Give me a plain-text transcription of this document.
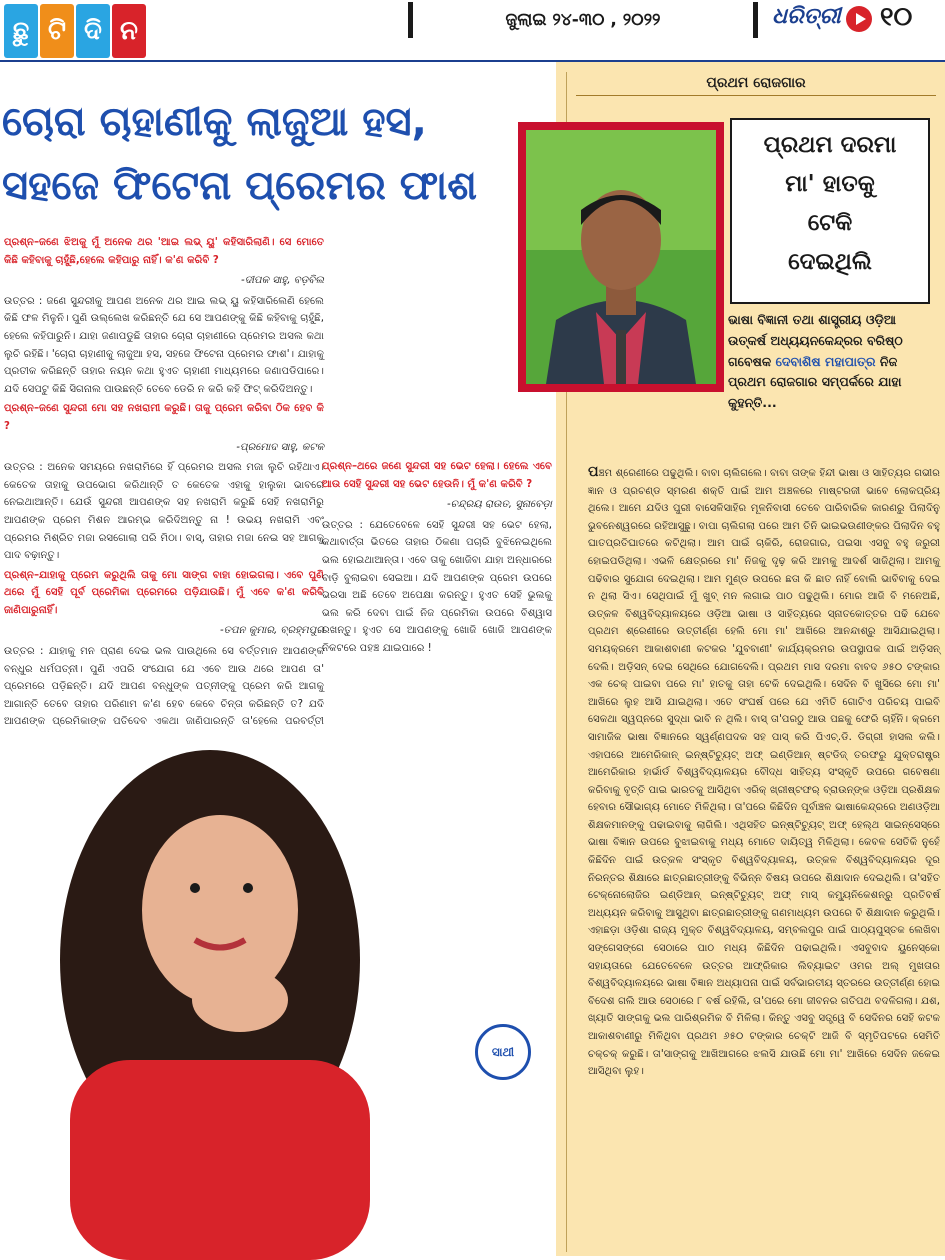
ଛୁ ଟି ଦି ନ	ଜୁଲାଇ ୨୪-୩୦ , ୨୦୨୨	ଧରିତ୍ରୀ ୧୦
ଚୋରା ଚାହାଣୀକୁ ଲାଜୁଆ ହସ,
ସହଜେ ଫିଟେନା ପ୍ରେମର ଫାଶ

ପ୍ରଶ୍ନ–ଜଣେ ଝିଅକୁ ମୁଁ ଅନେକ ଥର 'ଆଇ ଲଭ୍ ୟୁ' କହିସାରିଲାଣି। ସେ ମୋତେ କିଛି କହିବାକୁ ଚାହୁଁଛି,ହେଲେ କହିପାରୁ ନାହିଁ। କ'ଣ କରିବି ?

-ଦୀପକ ସାହୁ, ବଡ଼ବିଲ

ଉତ୍ତର : ଜଣେ ସୁନ୍ଦରୀକୁ ଆପଣ ଅନେକ ଥର ଆଇ ଲଭ୍ ୟୁ କହିସାରିଲେଣି ହେଲେ କିଛି ଫଳ ମିଳୁନି। ପୁଣି ଉଲ୍ଲେଖ କରିଛନ୍ତି ଯେ ସେ ଆପଣଙ୍କୁ କିଛି କହିବାକୁ ଚାହୁଁଛି, ହେଲେ କହିପାରୁନି। ଯାହା ଜଣାପଡୁଛି ତାହାର ଚୋରା ଚାହାଣୀରେ ପ୍ରେମର ଅସଲ କଥା ଲୁଚି ରହିଛି। 'ଚୋରା ଚାହାଣୀକୁ ଲାଜୁଆ ହସ, ସହଜେ ଫିଟେନା ପ୍ରେମର ଫାଶ'। ଯାହାକୁ ପ୍ରତୀକ କରିଛନ୍ତି ତାହାର ନୟନ କଥା ହୁଏତ ଚାହାଣୀ ମାଧ୍ୟମରେ ଜଣାପଡିପାରେ। ଯଦି ସେପଟୁ କିଛି ସିଗନାଲ ପାଉଛନ୍ତି ତେବେ ଡେରି ନ କରି କହି ଫିଟ୍ କରିଦିଅନ୍ତୁ।

ପ୍ରଶ୍ନ–ଜଣେ ସୁନ୍ଦରୀ ମୋ ସହ ନଖରାମୀ କରୁଛି। ତାକୁ ପ୍ରେମ କରିବା ଠିକ ହେବ କି ?

-ପ୍ରମୋଦ ସାହୁ, କଟକ

ଉତ୍ତର : ଅନେକ ସମୟରେ ନଖରାମିରେ ହିଁ ପ୍ରେମର ଅସଲ ମଜା ଲୁଚି ରହିଥାଏ। କେତେକ ତାହାକୁ ଉପଭୋଗ କରିଥାନ୍ତି ତ କେତେକ ଏହାକୁ ହାଲୁକା ଭାବରେ ନେଇଥାଆନ୍ତି। ଯେଉଁ ସୁନ୍ଦରୀ ଆପଣଙ୍କ ସହ ନଖରାମି କରୁଛି ସେହି ନଖରାମିରୁ ଆପଣଙ୍କ ପ୍ରେମ ମିଶନ ଆରମ୍ଭ କରିଦିଅନ୍ତୁ ନା ! ଉଭୟ ନଖରାମି ଏବଂ ପ୍ରେମର ମିଶ୍ରିତ ମଜା ରସଗୋଲା ପରି ମିଠା। ବାସ୍, ତାହାର ମଜା ନେଇ ସହ ଆଗକୁ ପାଦ ବଢ଼ାନ୍ତୁ।

ପ୍ରଶ୍ନ–ଯାହାକୁ ପ୍ରେମ କରୁଥିଲି ତାକୁ ମୋ ସାଙ୍ଗ ବାହା ହୋଇଗଲା। ଏବେ ପୁଣି ଥରେ ମୁଁ ସେହି ପୂର୍ବ ପ୍ରେମିକା ପ୍ରେମରେ ପଡ଼ିଯାଉଛି। ମୁଁ ଏବେ କ'ଣ କରିବି ଜାଣିପାରୁନାହିଁ।

-ତପନ କୁମାର, ବ୍ରହ୍ମପୁର

ଉତ୍ତର : ଯାହାକୁ ମନ ପ୍ରାଣ ଦେଇ ଭଲ ପାଉଥିଲେ ସେ ବର୍ତ୍ତମାନ ଆପଣଙ୍କ ବନ୍ଧୁର ଧର୍ମପତ୍ନୀ। ପୁଣି ଏପରି ସଂଯୋଗ ଯେ ଏବେ ଆଉ ଥରେ ଆପଣ ତା' ପ୍ରେମରେ ପଡ଼ିଛନ୍ତି। ଯଦି ଆପଣ ବନ୍ଧୁଙ୍କ ପତ୍ନୀଙ୍କୁ ପ୍ରେମ କରି ଆଗକୁ ଆଗାନ୍ତି ତେବେ ତାହାର ପରିଣାମ କ'ଣ ହେବ କେବେ ଚିନ୍ତା କରିଛନ୍ତି ତ? ଯଦି ଆପଣଙ୍କ ପ୍ରେମିକାଙ୍କ ପତିଦେବ ଏକଥା ଜାଣିପାରନ୍ତି ତା'ହେଲେ ପରବର୍ତ୍ତୀ

ପ୍ରଶ୍ନ–ଥରେ ଜଣେ ସୁନ୍ଦରୀ ସହ ଭେଟ ହେଲା। ହେଲେ ଏବେ ଆଉ ସେହି ସୁନ୍ଦରୀ ସହ ଭେଟ ହେଉନି। ମୁଁ କ'ଣ କରିବି ?

-ଚନ୍ଦ୍ରୟ ରାଉତ, ସୁନାବେଡ଼ା

ଉତ୍ତର : ଯେତେବେଳେ ସେହି ସୁନ୍ଦରୀ ସହ ଭେଟ ହେଲା, କଥାବାର୍ତ୍ତା ଭିତରେ ତାହାର ଠିକଣା ପଚାରି ବୁଝିନେଇଥିଲେ ଭଲ ହୋଇଥାଆନ୍ତା। ଏବେ ତାକୁ ଖୋଜିବା ଯାହା ଅନ୍ଧାରରେ ବାଡ଼ି ବୁଲାଇବା ସେଇଆ। ଯଦି ଆପଣଙ୍କ ପ୍ରେମ ଉପରେ ଭରସା ଅଛି ତେବେ ଅପେକ୍ଷା କରନ୍ତୁ। ହୁଏତ ସେହି ଭୁଲକୁ ଭଲ କରି ଦେବା ପାଇଁ ନିଜ ପ୍ରେମିକା ଉପରେ ବିଶ୍ୱାସ ରଖନ୍ତୁ। ହୁଏତ ସେ ଆପଣଙ୍କୁ ଖୋଜି ଖୋଜି ଆପଣଙ୍କ ନିକଟରେ ପହଞ୍ଚ ଯାଇପାରେ !

ସାଥୀ
ପ୍ରଥମ ରୋଜଗାର
ପ୍ରଥମ ଦରମା
ମା' ହାତକୁ
ଟେକି
ଦେଇଥିଲି
ଭାଷା ବିଜ୍ଞାନୀ ତଥା ଶାସ୍ତ୍ରୀୟ ଓଡ଼ିଆ ଉତ୍କର୍ଷ ଅଧ୍ୟୟନକେନ୍ଦ୍ରର ବରିଷ୍ଠ ଗବେଷକ ଦେବାଶିଷ ମହାପାତ୍ର ନିଜ ପ୍ରଥମ ରୋଜଗାର ସମ୍ପର୍କରେ ଯାହା କୁହନ୍ତି...
ପଞ୍ଚମ ଶ୍ରେଣୀରେ ପଢୁଥିଲି। ବାବା ଚାଲିଗଲେ। ବାବା ତାଙ୍କ ହିନ୍ଦୀ ଭାଷା ଓ ସାହିତ୍ୟର ଗଭୀର ଜ୍ଞାନ ଓ ପ୍ରଚଣ୍ଡ ସ୍ମରଣ ଶକ୍ତି ପାଇଁ ଆମ ଅଞ୍ଚଳରେ ମାଷ୍ଟରଜୀ ଭାବେ ଲୋକପ୍ରିୟ ଥିଲେ। ଆମେ ଯଦିଓ ପୁରୀ ବାସେଳିସାହିର ମୂଳନିବାସୀ ତେବେ ପାରିବାରିକ କାରଣରୁ ପିଲାଦିନୁ ଭୁବନେଶ୍ୱରରେ ରହିଆସୁଛୁ। ବାପା ଚାଲିଗଲା ପରେ ଆମ ତିନି ଭାଇଭଉଣୀଙ୍କର ପିଲାଦିନ ବହୁ ଘାତପ୍ରତିଘାତରେ କଟିଥିଲା। ଆମ ପାଇଁ ଚାକିରି, ରୋଜଗାର, ପଇସା ଏସବୁ ବହୁ ଜରୁରୀ ହୋଇପଡିଥିଲା। ଏଭଳି କ୍ଷେତ୍ରରେ ମା' ନିଜକୁ ଦୃଢ଼ କରି ଆମକୁ ଆଦର୍ଶ ସାଜିଥିଲା। ଆମକୁ ପଢିବାର ସୁଯୋଗ ଦେଇଥିଲା। ଆମ ମୁଣ୍ଡ ଉପରେ ଛତା କି ଛାତ ନାହିଁ ବୋଲି ଭାବିବାକୁ ଦେଇ ନ ଥିଲା ସିଏ। ସେଥିପାଇଁ ମୁଁ ଖୁବ୍ ମନ ଲଗାଇ ପାଠ ପଢୁଥିଲି। ମୋର ଆଜି ବି ମନେଅଛି, ଉତ୍କଳ ବିଶ୍ୱବିଦ୍ୟାଳୟରେ ଓଡ଼ିଆ ଭାଷା ଓ ସାହିତ୍ୟରେ ସ୍ନାତକୋତ୍ତର ପଢି ଯେବେ ପ୍ରଥମ ଶ୍ରେଣୀରେ ଉତ୍ତୀର୍ଣ୍ଣ ହେଲି ମୋ ମା' ଆଖିରେ ଆନନ୍ଦାଶ୍ରୁ ଆସିଯାଇଥିଲା। ସମୟକ୍ରମେ ଆକାଶବାଣୀ କଟକର 'ଯୁବବାଣୀ' କାର୍ଯ୍ୟକ୍ରମର ଉପସ୍ଥାପକ ପାଇଁ ଅଡ଼ିସନ୍ ଦେଲି। ଅଡ଼ିସନ୍ ଦେଇ ସେଥିରେ ଯୋଗଦେଲି। ପ୍ରଥମ ମାସ ଦରମା ବାବଦ ୬୫୦ ଟଙ୍କାର ଏକ ଚେକ୍ ପାଇବା ପରେ ମା' ହାତକୁ ତାହା ଟେକି ଦେଇଥିଲି। ସେଦିନ ବି ଖୁସିରେ ମୋ ମା' ଆଖିରେ ଲୁହ ଆସି ଯାଇଥିଲା। ଏତେ ସଂଘର୍ଷ ପରେ ଯେ ଏମିତି ଗୋଟିଏ ପରିଚୟ ପାଇବି ସେକଥା ସ୍ୱପ୍ନରେ ସୁଦ୍ଧା ଭାବି ନ ଥିଲି। ବାସ୍ ତା'ପରଠୁ ଆଉ ପଛକୁ ଫେରି ଚାହିଁନି। କ୍ରମେ ସାମାଜିକ ଭାଷା ବିଜ୍ଞାନରେ ସ୍ୱର୍ଣ୍ଣପଦକ ସହ ପାସ୍ କରି ପିଏଚ୍.ଡି. ଡିଗ୍ରୀ ହାସଲ କଲି। ଏହାପରେ ଆମେରିକାନ୍ ଇନ୍ଷ୍ଟିଚ୍ୟୁଟ୍ ଅଫ୍ ଇଣ୍ଡିଆନ୍ ଷ୍ଟଡିଜ୍ ତରଫରୁ ଯୁକ୍ତରାଷ୍ଟ୍ର ଆମେରିକାର ହାର୍ଭାର୍ଡ ବିଶ୍ୱବିଦ୍ୟାଳୟର ବୌଦ୍ଧ ସାହିତ୍ୟ ସଂସ୍କୃତି ଉପରେ ଗବେଷଣା କରିବାକୁ ବୃତ୍ତି ପାଇ ଭାରତକୁ ଆସିଥିବା ଏରିକ୍ ଖ୍ରୀଷ୍ଟଫର୍ ବ୍ରାଉନ୍ଙ୍କ ଓଡ଼ିଆ ପ୍ରଶିକ୍ଷକ ହେବାର ସୌଭାଗ୍ୟ ମୋତେ ମିଳିଥିଲା। ତା'ପରେ କିଛିଦିନ ପୂର୍ବାଞ୍ଚଳ ଭାଷାକେନ୍ଦ୍ରରେ ଅଣଓଡ଼ିଆ ଶିକ୍ଷକମାନଙ୍କୁ ପଢାଇବାକୁ ଲାଗିଲି। ଏଥିସହିତ ଇନ୍ଷ୍ଟିଚ୍ୟୁଟ୍ ଅଫ୍ ହେଲ୍ଥ ସାଇନ୍ସେସ୍ରେ ଭାଷା ବିଜ୍ଞାନ ଉପରେ ବୁଝାଇବାକୁ ମଧ୍ୟ ମୋତେ ଦାୟିତ୍ୱ ମିଳିଥିଲା। କେବଳ ସେତିକି ନୁହେଁ କିଛିଦିନ ପାଇଁ ଉତ୍କଳ ସଂସ୍କୃତ ବିଶ୍ୱବିଦ୍ୟାଳୟ, ଉତ୍କଳ ବିଶ୍ୱବିଦ୍ୟାଳୟର ଦୂର ନିରନ୍ତର ଶିକ୍ଷାରେ ଛାତ୍ରଛାତ୍ରୀଙ୍କୁ ବିଭିନ୍ନ ବିଷୟ ଉପରେ ଶିକ୍ଷାଦାନ ଦେଇଥିଲି। ତା'ସହିତ ଟେକ୍ନୋଲୋଜିର ଇଣ୍ଡିଆନ୍ ଇନ୍ଷ୍ଟିଚ୍ୟୁଟ୍ ଅଫ୍ ମାସ୍ କମ୍ୟୁନିକେଶନ୍ରୁ ପ୍ରତିବର୍ଷ ଅଧ୍ୟୟନ କରିବାକୁ ଆସୁଥିବା ଛାତ୍ରଛାତ୍ରୀଙ୍କୁ ଗଣମାଧ୍ୟମ ଉପରେ ବି ଶିକ୍ଷାଦାନ କରୁଥିଲି। ଏହାଛଡ଼ା ଓଡ଼ିଶା ରାଜ୍ୟ ମୁକ୍ତ ବିଶ୍ୱବିଦ୍ୟାଳୟ, ସମ୍ବଲପୁର ପାଇଁ ପାଠ୍ୟପୁସ୍ତକ ଲେଖିବା ସଙ୍ଗେସଙ୍ଗେ ସେଠାରେ ପାଠ ମଧ୍ୟ କିଛିଦିନ ପଢାଇଥିଲି। ଏସବୁବାଦ ୟୁନେସ୍କୋ ସହାୟତାରେ ଯେତେବେଳେ ଉତ୍ତର ଆଫ୍ରିକାର ଲିବ୍ୟାଇଟ ଓମର ଅଲ୍ ମୁଖତାର ବିଶ୍ୱବିଦ୍ୟାଳୟରେ ଭାଷା ବିଜ୍ଞାନ ଅଧ୍ୟାପନା ପାଇଁ ସର୍ବଭାରତୀୟ ସ୍ତରରେ ଉତ୍ତୀର୍ଣ୍ଣ ହୋଇ ବିଦେଶ ଗଲି ଆଉ ସେଠାରେ ୮ ବର୍ଷ ରହିଲି, ତା'ପରେ ମୋ ଜୀବନର ଗତିପଥ ବଦଳିଗଲା। ଯଶ, ଖ୍ୟାତି ସାଙ୍ଗକୁ ଭଲ ପାରିଶ୍ରମିକ ବି ମିଳିଲା। କିନ୍ତୁ ଏସବୁ ସତ୍ତ୍ୱେ ବି ସେଦିନର ସେହି କଟକ ଆକାଶବାଣୀରୁ ମିଳିଥିବା ପ୍ରଥମ ୬୫୦ ଟଙ୍କାର ଚେକ୍ଟି ଆଜି ବି ସ୍ମୃତିପଟରେ ସେମିତି ଚକ୍‌ଚକ୍ କରୁଛି। ତା'ସାଙ୍ଗକୁ ଆଖିଆଗରେ ଝଲସି ଯାଉଛି ମୋ ମା' ଆଖିରେ ସେଦିନ ଜକେଇ ଆସିଥିବା ଲୁହ।
